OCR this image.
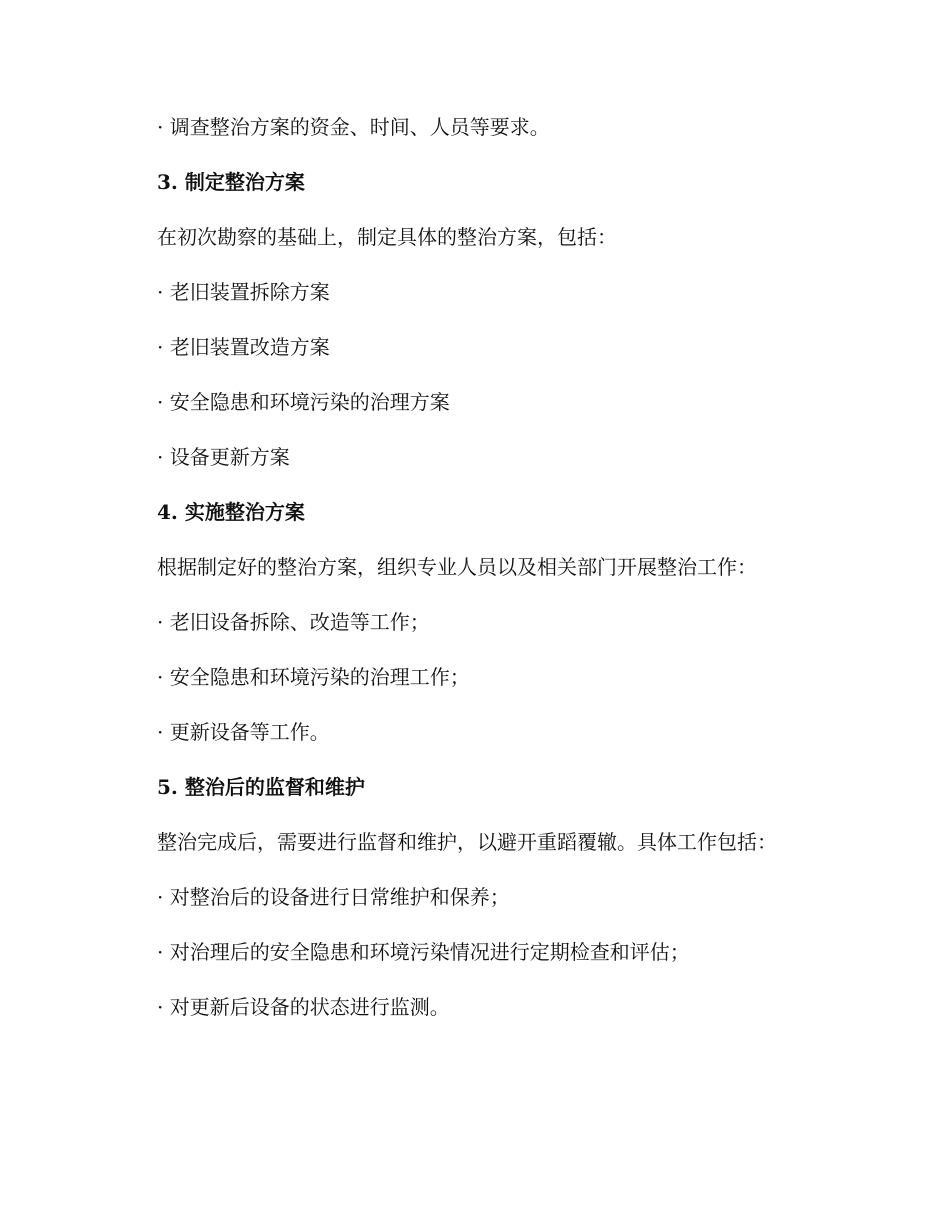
· 调查整治方案的资金、时间、人员等要求。
3. 制定整治方案
在初次勘察的基础上，制定具体的整治方案，包括：
· 老旧装置拆除方案
· 老旧装置改造方案
· 安全隐患和环境污染的治理方案
· 设备更新方案
4. 实施整治方案
根据制定好的整治方案，组织专业人员以及相关部门开展整治工作：
· 老旧设备拆除、改造等工作；
· 安全隐患和环境污染的治理工作；
· 更新设备等工作。
5. 整治后的监督和维护
整治完成后，需要进行监督和维护，以避开重蹈覆辙。具体工作包括：
· 对整治后的设备进行日常维护和保养；
· 对治理后的安全隐患和环境污染情况进行定期检查和评估；
· 对更新后设备的状态进行监测。
